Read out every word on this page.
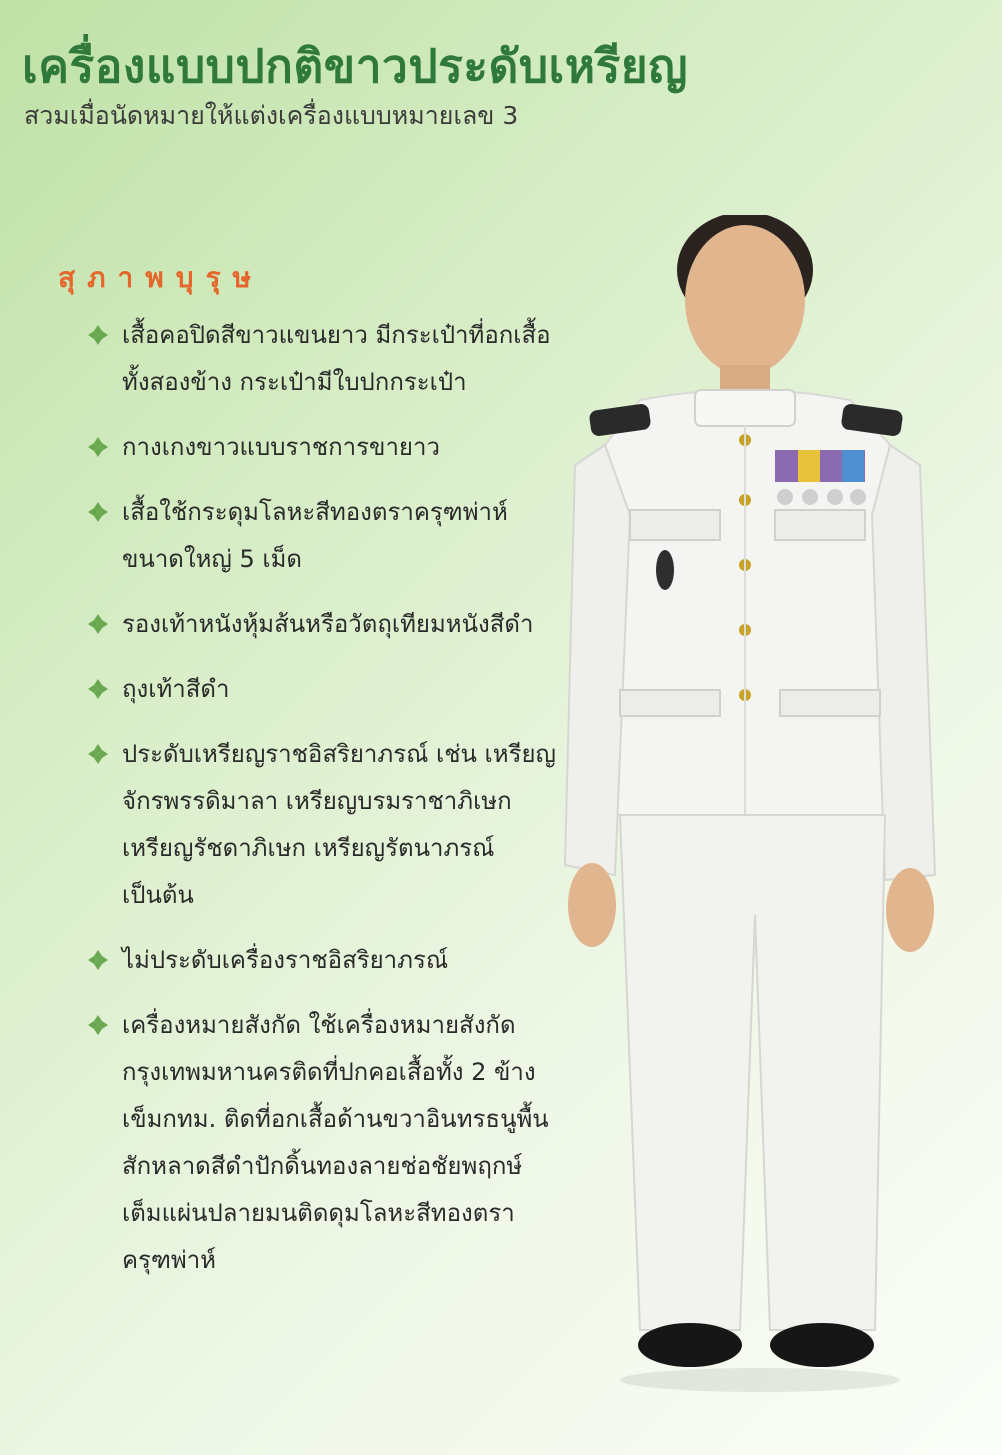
เครื่องแบบปกติขาวประดับเหรียญ

สวมเมื่อนัดหมายให้แต่งเครื่องแบบหมายเลข 3

สุภาพบุรุษ
เสื้อคอปิดสีขาวแขนยาว มีกระเป๋าที่อกเสื้อทั้งสองข้าง กระเป๋ามีใบปกกระเป๋า
กางเกงขาวแบบราชการขายาว
เสื้อใช้กระดุมโลหะสีทองตราครุฑพ่าห์ขนาดใหญ่ 5 เม็ด
รองเท้าหนังหุ้มส้นหรือวัตถุเทียมหนังสีดำ
ถุงเท้าสีดำ
ประดับเหรียญราชอิสริยาภรณ์ เช่น เหรียญจักรพรรดิมาลา เหรียญบรมราชาภิเษก เหรียญรัชดาภิเษก เหรียญรัตนาภรณ์ เป็นต้น
ไม่ประดับเครื่องราชอิสริยาภรณ์
เครื่องหมายสังกัด ใช้เครื่องหมายสังกัดกรุงเทพมหานครติดที่ปกคอเสื้อทั้ง 2 ข้าง เข็มกทม. ติดที่อกเสื้อด้านขวาอินทรธนูพื้นสักหลาดสีดำปักดิ้นทองลายช่อชัยพฤกษ์เต็มแผ่นปลายมนติดดุมโลหะสีทองตราครุฑพ่าห์
